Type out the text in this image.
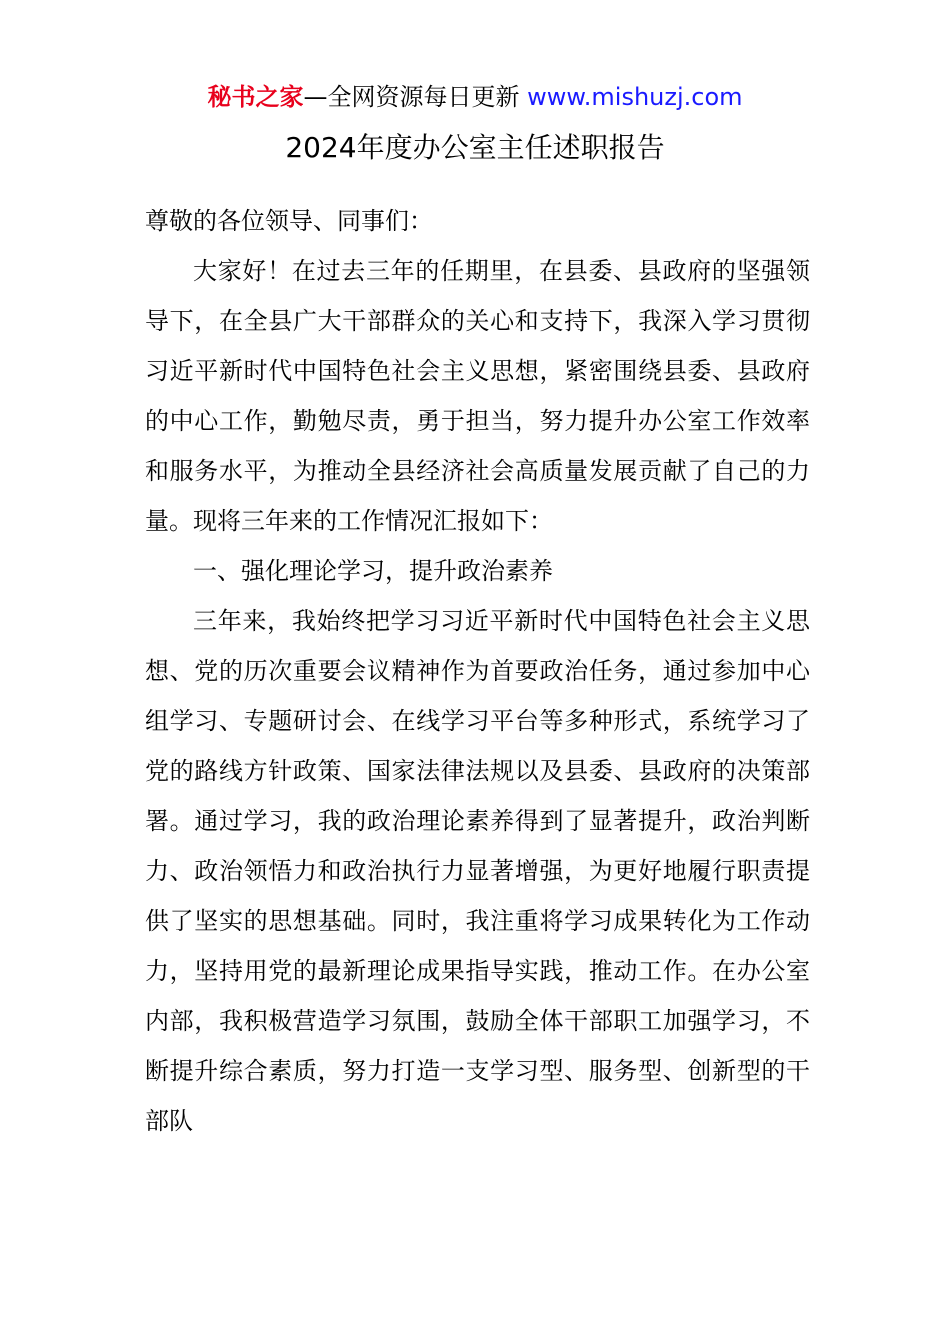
秘书之家—全网资源每日更新 www.mishuzj.com
2024年度办公室主任述职报告

尊敬的各位领导、同事们：

大家好！在过去三年的任期里，在县委、县政府的坚强领导下，在全县广大干部群众的关心和支持下，我深入学习贯彻习近平新时代中国特色社会主义思想，紧密围绕县委、县政府的中心工作，勤勉尽责，勇于担当，努力提升办公室工作效率和服务水平，为推动全县经济社会高质量发展贡献了自己的力量。现将三年来的工作情况汇报如下：

一、强化理论学习，提升政治素养

三年来，我始终把学习习近平新时代中国特色社会主义思想、党的历次重要会议精神作为首要政治任务，通过参加中心组学习、专题研讨会、在线学习平台等多种形式，系统学习了党的路线方针政策、国家法律法规以及县委、县政府的决策部署。通过学习，我的政治理论素养得到了显著提升，政治判断力、政治领悟力和政治执行力显著增强，为更好地履行职责提供了坚实的思想基础。同时，我注重将学习成果转化为工作动力，坚持用党的最新理论成果指导实践，推动工作。在办公室内部，我积极营造学习氛围，鼓励全体干部职工加强学习，不断提升综合素质，努力打造一支学习型、服务型、创新型的干部队
